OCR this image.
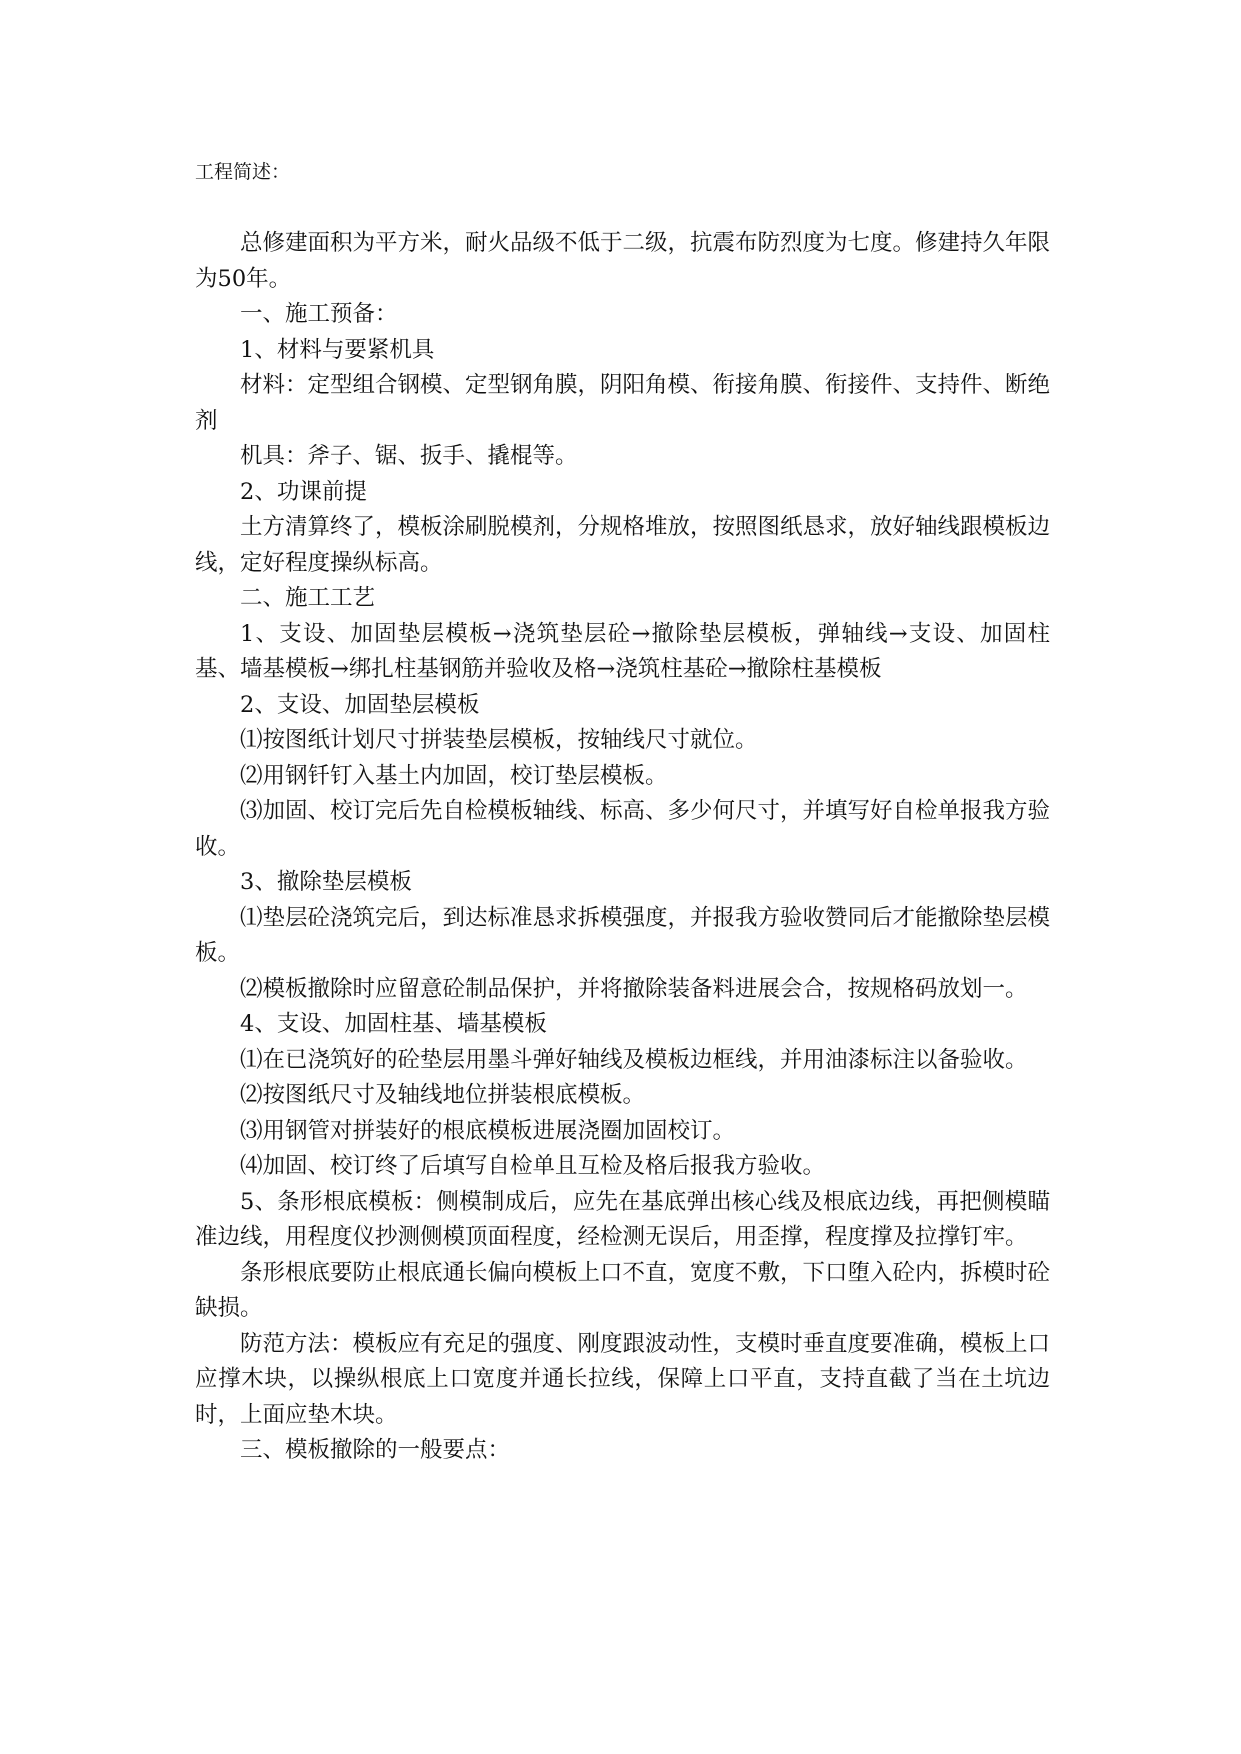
工程简述：

总修建面积为平方米，耐火品级不低于二级，抗震布防烈度为七度。修建持久年限为50年。

一、施工预备：

1、材料与要紧机具

材料：定型组合钢模、定型钢角膜，阴阳角模、衔接角膜、衔接件、支持件、断绝剂

机具：斧子、锯、扳手、撬棍等。

2、功课前提

土方清算终了，模板涂刷脱模剂，分规格堆放，按照图纸恳求，放好轴线跟模板边线，定好程度操纵标高。

二、施工工艺

1、支设、加固垫层模板→浇筑垫层砼→撤除垫层模板，弹轴线→支设、加固柱基、墙基模板→绑扎柱基钢筋并验收及格→浇筑柱基砼→撤除柱基模板

2、支设、加固垫层模板

⑴按图纸计划尺寸拼装垫层模板，按轴线尺寸就位。

⑵用钢钎钉入基土内加固，校订垫层模板。

⑶加固、校订完后先自检模板轴线、标高、多少何尺寸，并填写好自检单报我方验收。

3、撤除垫层模板

⑴垫层砼浇筑完后，到达标准恳求拆模强度，并报我方验收赞同后才能撤除垫层模板。

⑵模板撤除时应留意砼制品保护，并将撤除装备料进展会合，按规格码放划一。

4、支设、加固柱基、墙基模板

⑴在已浇筑好的砼垫层用墨斗弹好轴线及模板边框线，并用油漆标注以备验收。

⑵按图纸尺寸及轴线地位拼装根底模板。

⑶用钢管对拼装好的根底模板进展浇圈加固校订。

⑷加固、校订终了后填写自检单且互检及格后报我方验收。

5、条形根底模板：侧模制成后，应先在基底弹出核心线及根底边线，再把侧模瞄准边线，用程度仪抄测侧模顶面程度，经检测无误后，用歪撑，程度撑及拉撑钉牢。

条形根底要防止根底通长偏向模板上口不直，宽度不敷，下口堕入砼内，拆模时砼缺损。

防范方法：模板应有充足的强度、刚度跟波动性，支模时垂直度要准确，模板上口应撑木块，以操纵根底上口宽度并通长拉线，保障上口平直，支持直截了当在土坑边时，上面应垫木块。

三、模板撤除的一般要点：
